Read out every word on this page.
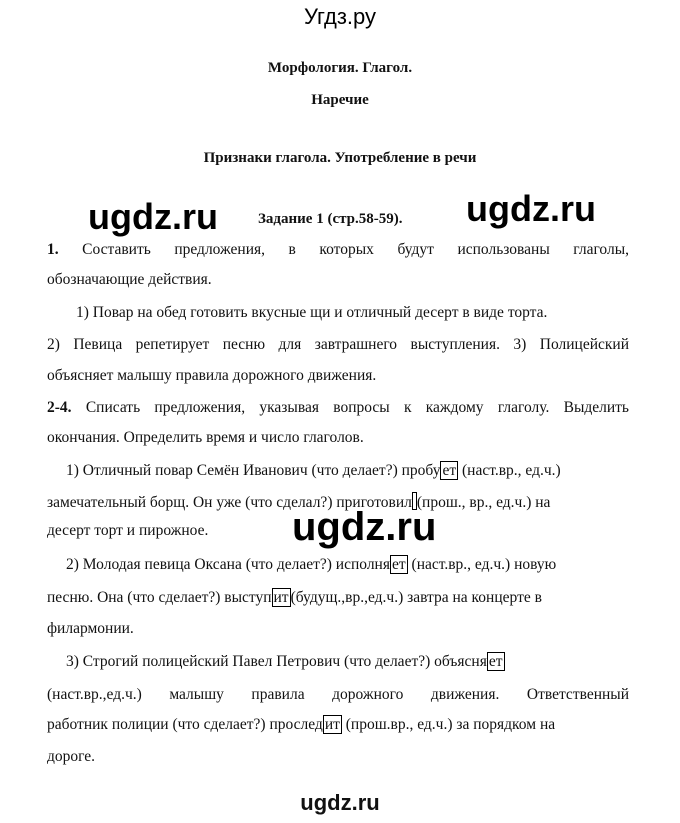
Угдз.ру
Морфология. Глагол.
Наречие
Признаки глагола. Употребление в речи
ugdz.ru	Задание 1 (стр.58-59). ugdz.ru
1. Составить предложения, в которых будут использованы глаголы,
обозначающие действия.
1) Повар на обед готовить вкусные щи и отличный десерт в виде торта.
2) Певица репетирует песню для завтрашнего выступления. 3) Полицейский
объясняет малышу правила дорожного движения.
2-4. Списать предложения, указывая вопросы к каждому глаголу. Выделить
окончания. Определить время и число глаголов.
1) Отличный повар Семён Иванович (что делает?) пробу ет (наст.вр., ед.ч.)
замечательный борщ. Он уже (что сделал?) приготовил (прош., вр., ед.ч.) на
десерт торт и пирожное. ugdz.ru
2) Молодая певица Оксана (что делает?) исполня ет (наст.вр., ед.ч.) новую
песню. Она (что сделает?) выступ ит (будущ.,вр.,ед.ч.) завтра на концерте в
филармонии.
3) Строгий полицейский Павел Петрович (что делает?) объясня ет
(наст.вр.,ед.ч.) малышу правила дорожного движения. Ответственный
работник полиции (что сделает?) прослед ит (прош.вр., ед.ч.) за порядком на
дороге.
ugdz.ru
